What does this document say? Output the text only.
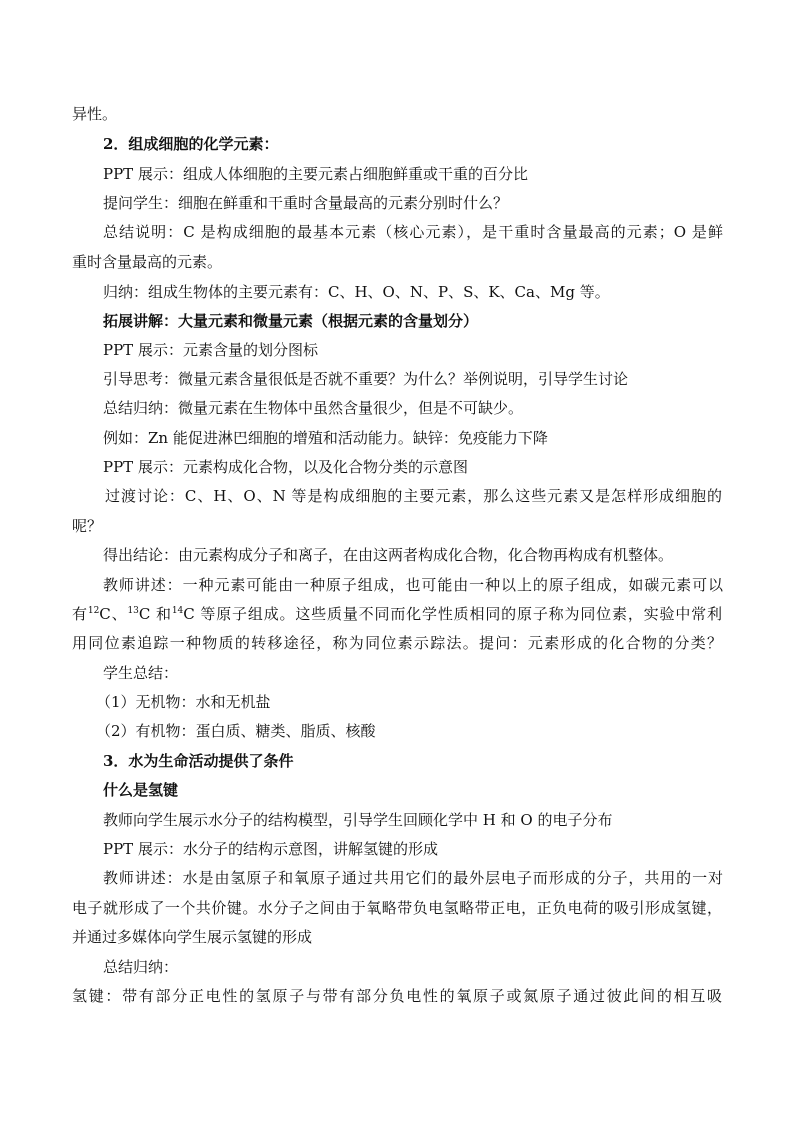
异性。
2．组成细胞的化学元素：
PPT 展示：组成人体细胞的主要元素占细胞鲜重或干重的百分比
提问学生：细胞在鲜重和干重时含量最高的元素分别时什么？
总结说明：C 是构成细胞的最基本元素（核心元素），是干重时含量最高的元素；O 是鲜
重时含量最高的元素。
归纳：组成生物体的主要元素有：C、H、O、N、P、S、K、Ca、Mg 等。
拓展讲解：大量元素和微量元素（根据元素的含量划分）
PPT 展示：元素含量的划分图标
引导思考：微量元素含量很低是否就不重要？为什么？举例说明，引导学生讨论
总结归纳：微量元素在生物体中虽然含量很少，但是不可缺少。
例如：Zn 能促进淋巴细胞的增殖和活动能力。缺锌：免疫能力下降
PPT 展示：元素构成化合物，以及化合物分类的示意图
过渡讨论：C、H、O、N 等是构成细胞的主要元素，那么这些元素又是怎样形成细胞的
呢？
得出结论：由元素构成分子和离子，在由这两者构成化合物，化合物再构成有机整体。
教师讲述：一种元素可能由一种原子组成，也可能由一种以上的原子组成，如碳元素可以
有$^{12}$C、$^{13}$C 和$^{14}$C 等原子组成。这些质量不同而化学性质相同的原子称为同位素，实验中常利
用同位素追踪一种物质的转移途径，称为同位素示踪法。提问：元素形成的化合物的分类？
学生总结：
（1）无机物：水和无机盐
（2）有机物：蛋白质、糖类、脂质、核酸
3．水为生命活动提供了条件
什么是氢键
教师向学生展示水分子的结构模型，引导学生回顾化学中 H 和 O 的电子分布
PPT 展示：水分子的结构示意图，讲解氢键的形成
教师讲述：水是由氢原子和氧原子通过共用它们的最外层电子而形成的分子，共用的一对
电子就形成了一个共价键。水分子之间由于氧略带负电氢略带正电，正负电荷的吸引形成氢键，
并通过多媒体向学生展示氢键的形成
总结归纳：
氢键：带有部分正电性的氢原子与带有部分负电性的氧原子或氮原子通过彼此间的相互吸
